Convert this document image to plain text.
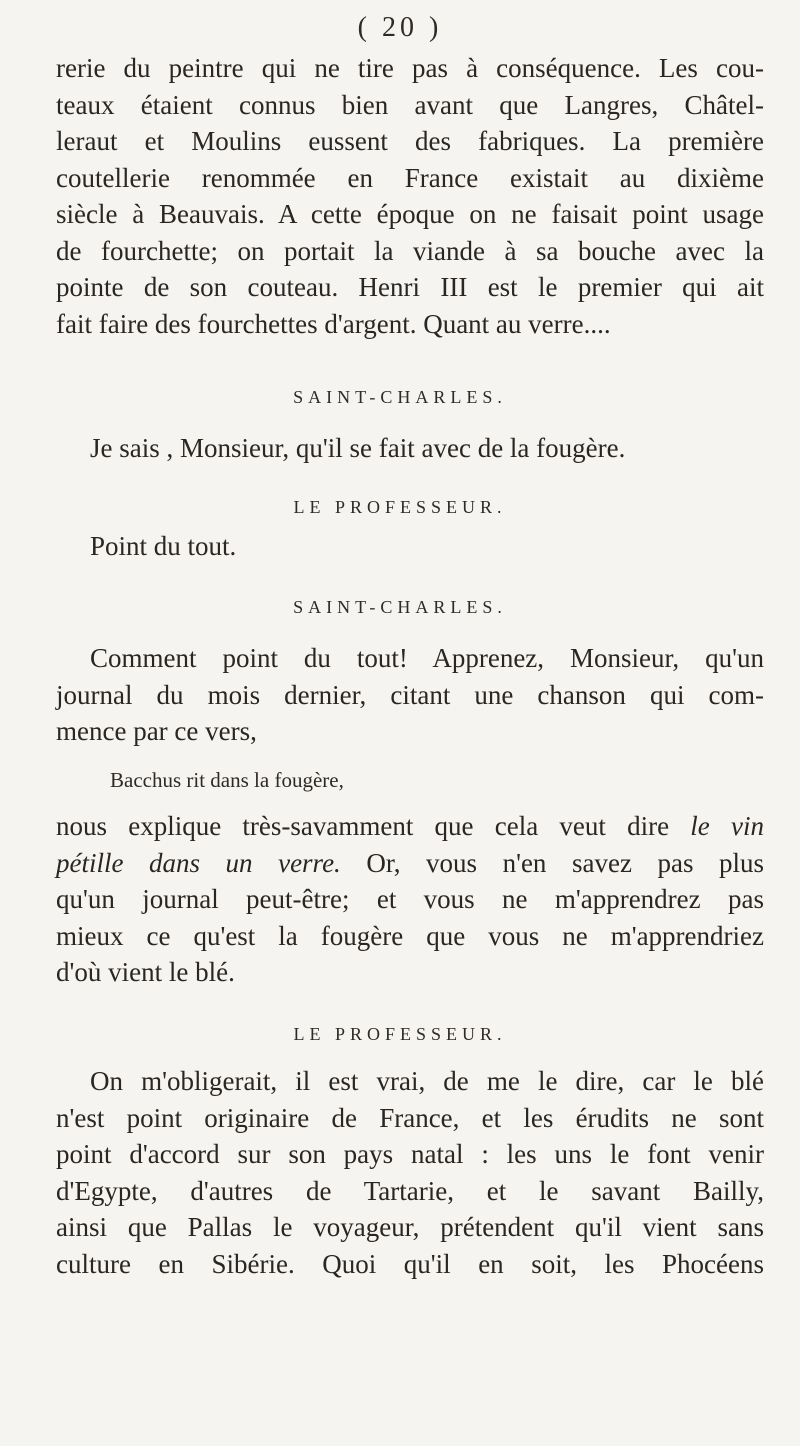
( 20 )

rerie du peintre qui ne tire pas à conséquence. Les cou-
teaux étaient connus bien avant que Langres, Châtel-
leraut et Moulins eussent des fabriques. La première
coutellerie renommée en France existait au dixième
siècle à Beauvais. A cette époque on ne faisait point usage
de fourchette; on portait la viande à sa bouche avec la
pointe de son couteau. Henri III est le premier qui ait
fait faire des fourchettes d'argent. Quant au verre....

SAINT-CHARLES.

Je sais , Monsieur, qu'il se fait avec de la fougère.

LE PROFESSEUR.

Point du tout.

SAINT-CHARLES.

Comment point du tout! Apprenez, Monsieur, qu'un
journal du mois dernier, citant une chanson qui com-
mence par ce vers,

Bacchus rit dans la fougère,

nous explique très-savamment que cela veut dire le vin
pétille dans un verre. Or, vous n'en savez pas plus
qu'un journal peut-être; et vous ne m'apprendrez pas
mieux ce qu'est la fougère que vous ne m'apprendriez
d'où vient le blé.

LE PROFESSEUR.

On m'obligerait, il est vrai, de me le dire, car le blé
n'est point originaire de France, et les érudits ne sont
point d'accord sur son pays natal : les uns le font venir
d'Egypte, d'autres de Tartarie, et le savant Bailly,
ainsi que Pallas le voyageur, prétendent qu'il vient sans
culture en Sibérie. Quoi qu'il en soit, les Phocéens
